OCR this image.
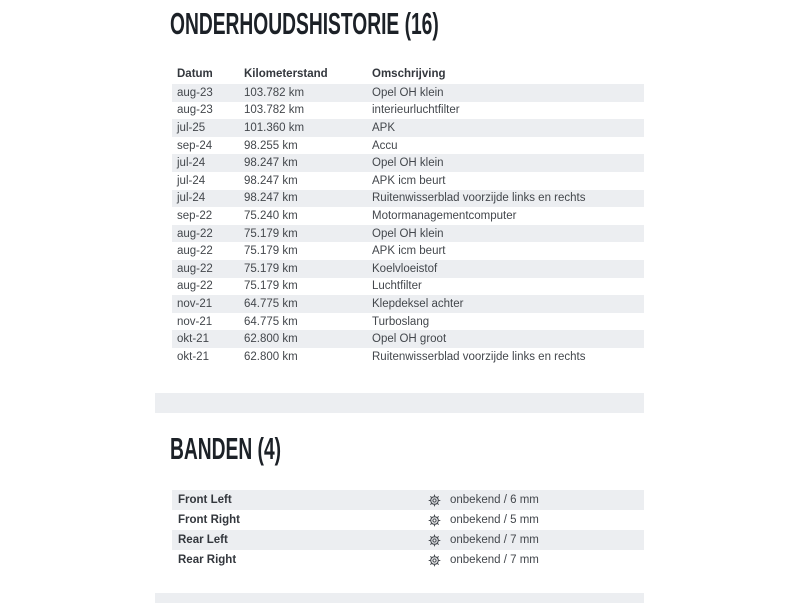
ONDERHOUDSHISTORIE (16)
Datum	Kilometerstand	Omschrijving
aug-23	103.782 km	Opel OH klein
aug-23	103.782 km	interieurluchtfilter
jul-25	101.360 km	APK
sep-24	98.255 km	Accu
jul-24	98.247 km	Opel OH klein
jul-24	98.247 km	APK icm beurt
jul-24	98.247 km	Ruitenwisserblad voorzijde links en rechts
sep-22	75.240 km	Motormanagementcomputer
aug-22	75.179 km	Opel OH klein
aug-22	75.179 km	APK icm beurt
aug-22	75.179 km	Koelvloeistof
aug-22	75.179 km	Luchtfilter
nov-21	64.775 km	Klepdeksel achter
nov-21	64.775 km	Turboslang
okt-21	62.800 km	Opel OH groot
okt-21	62.800 km	Ruitenwisserblad voorzijde links en rechts
BANDEN (4)
Front Left	onbekend / 6 mm
Front Right	onbekend / 5 mm
Rear Left	onbekend / 7 mm
Rear Right	onbekend / 7 mm
